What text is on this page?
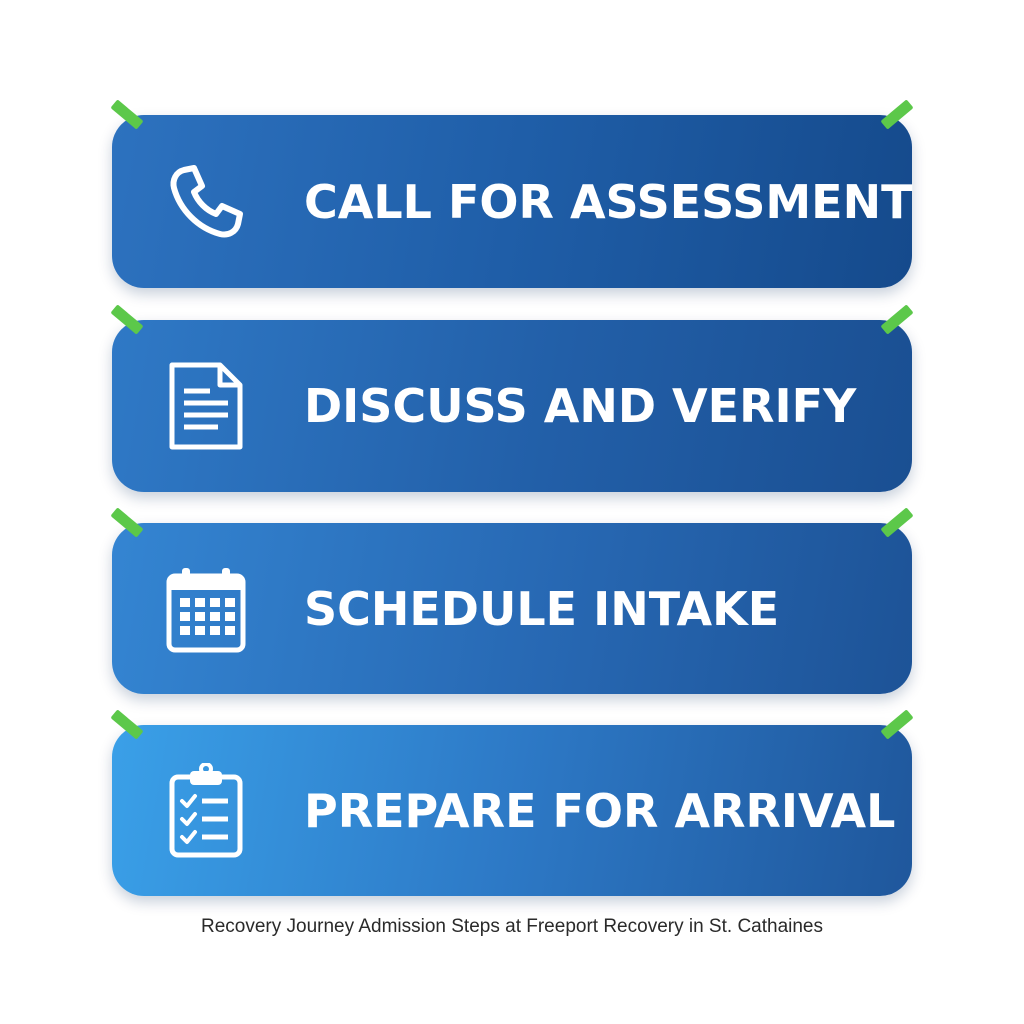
CALL FOR ASSESSMENT
DISCUSS AND VERIFY
SCHEDULE INTAKE
PREPARE FOR ARRIVAL
Recovery Journey Admission Steps at Freeport Recovery in St. Cathaines
